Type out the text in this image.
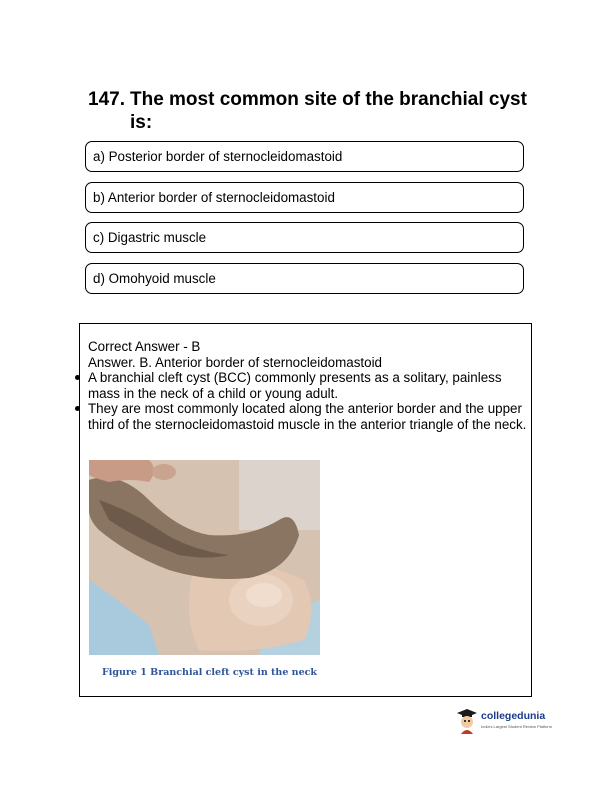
147. The most common site of the branchial cyst is:
a) Posterior border of sternocleidomastoid
b) Anterior border of sternocleidomastoid
c) Digastric muscle
d) Omohyoid muscle
Correct Answer - B
Answer. B. Anterior border of sternocleidomastoid
A branchial cleft cyst (BCC) commonly presents as a solitary, painless mass in the neck of a child or young adult.
They are most commonly located along the anterior border and the upper third of the sternocleidomastoid muscle in the anterior triangle of the neck.
Figure 1 Branchial cleft cyst in the neck
collegedunia
India's Largest Student Review Platform
